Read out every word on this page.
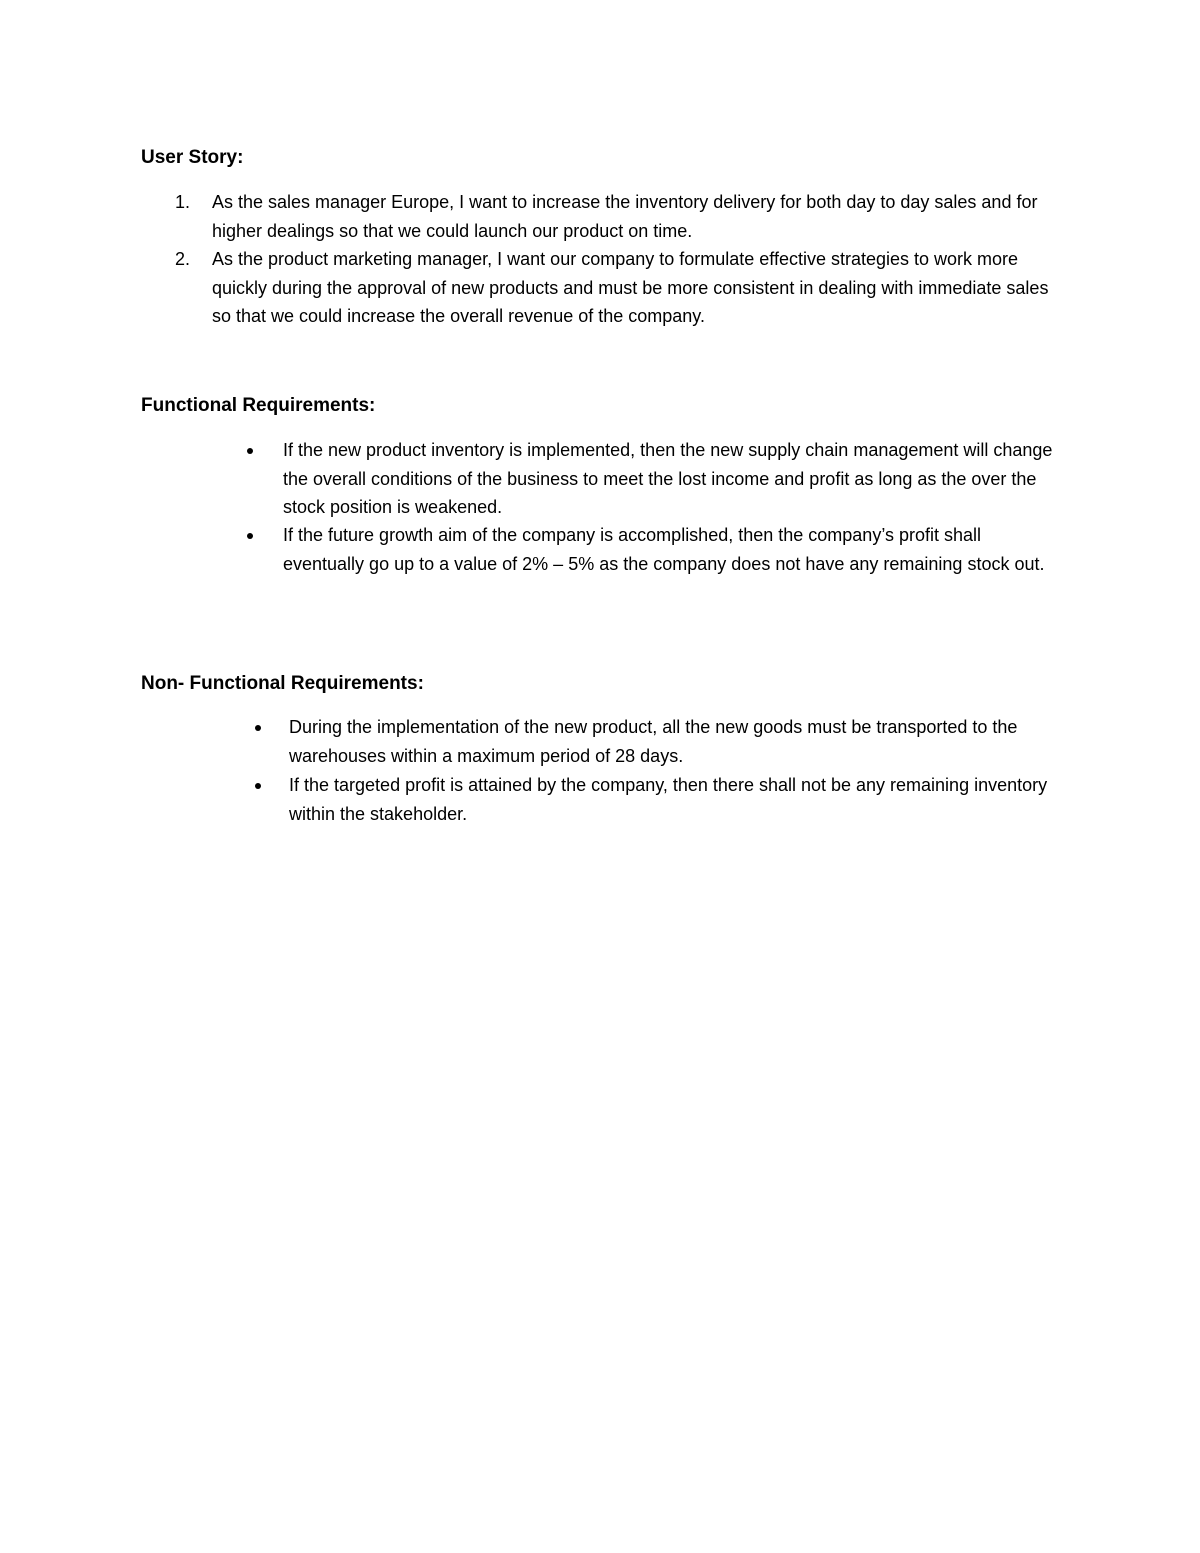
User Story:
1. As the sales manager Europe, I want to increase the inventory delivery for both day to day sales and for higher dealings so that we could launch our product on time.
2. As the product marketing manager, I want our company to formulate effective strategies to work more quickly during the approval of new products and must be more consistent in dealing with immediate sales so that we could increase the overall revenue of the company.
Functional Requirements:
If the new product inventory is implemented, then the new supply chain management will change the overall conditions of the business to meet the lost income and profit as long as the over the stock position is weakened.
If the future growth aim of the company is accomplished, then the company’s profit shall eventually go up to a value of 2% – 5% as the company does not have any remaining stock out.
Non- Functional Requirements:
During the implementation of the new product, all the new goods must be transported to the warehouses within a maximum period of 28 days.
If the targeted profit is attained by the company, then there shall not be any remaining inventory within the stakeholder.
